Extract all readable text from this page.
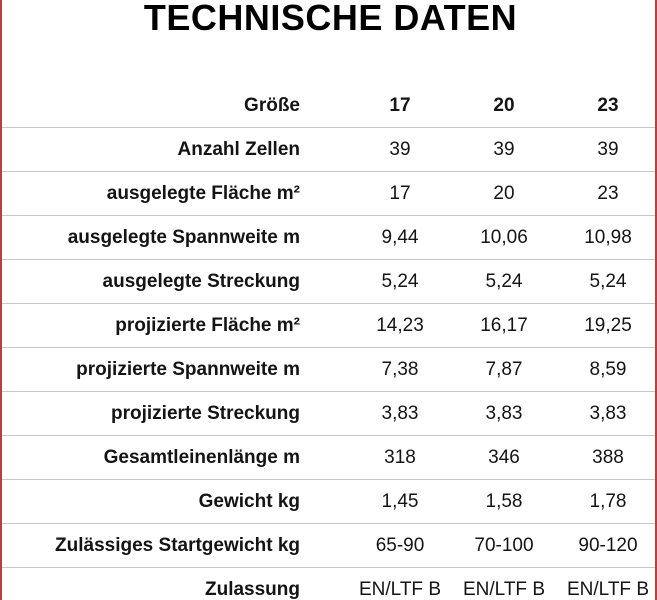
TECHNISCHE DATEN
Größe	17	20	23
Anzahl Zellen	39	39	39
ausgelegte Fläche m²	17	20	23
ausgelegte Spannweite m	9,44	10,06	10,98
ausgelegte Streckung	5,24	5,24	5,24
projizierte Fläche m²	14,23	16,17	19,25
projizierte Spannweite m	7,38	7,87	8,59
projizierte Streckung	3,83	3,83	3,83
Gesamtleinenlänge m	318	346	388
Gewicht kg	1,45	1,58	1,78
Zulässiges Startgewicht kg	65-90	70-100	90-120
Zulassung	EN/LTF B	EN/LTF B	EN/LTF B
